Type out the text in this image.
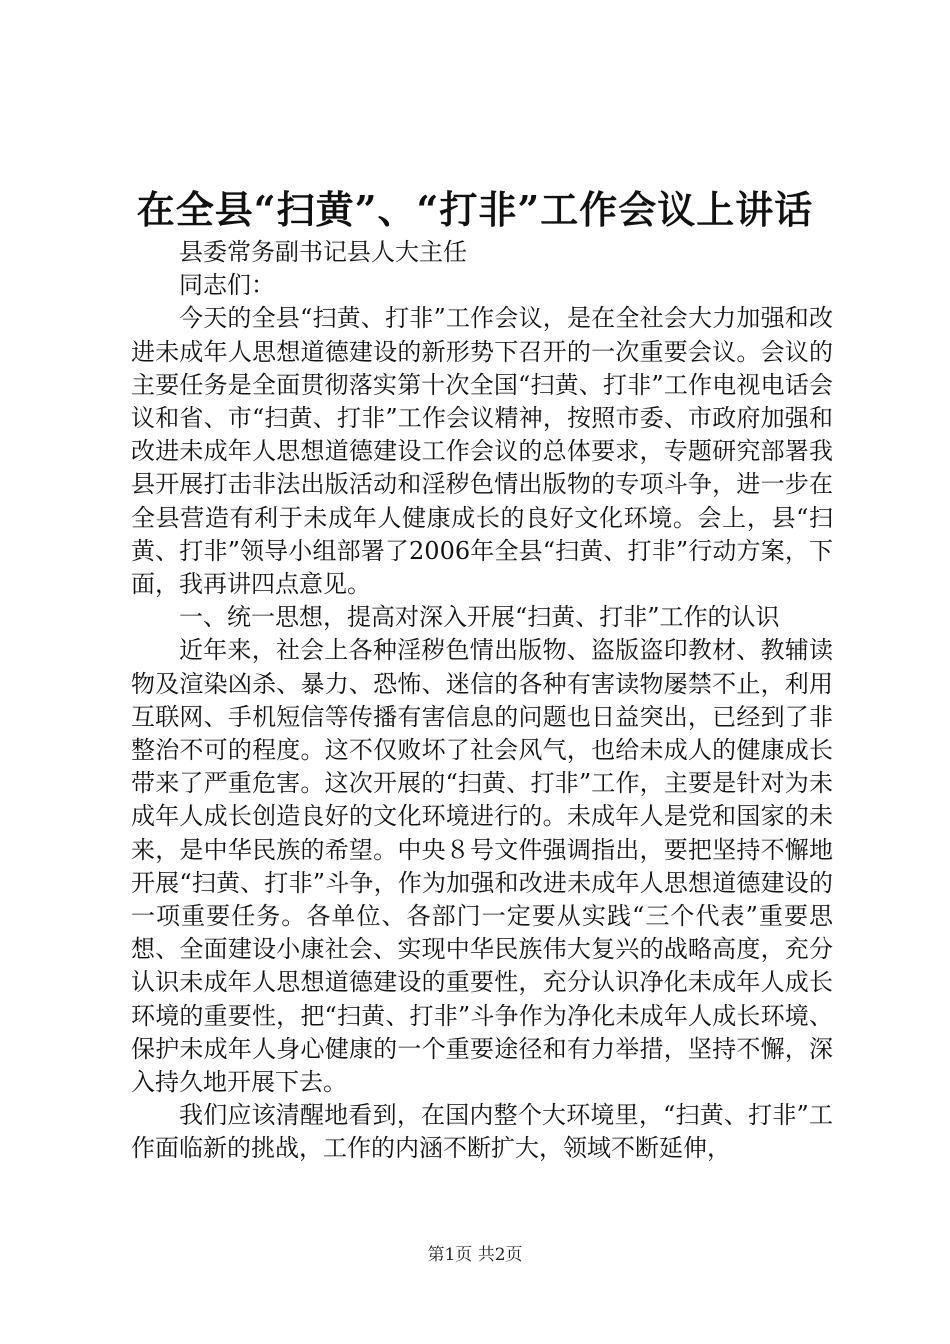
在全县“扫黄”、“打非”工作会议上讲话

县委常务副书记县人大主任

同志们：

今天的全县“扫黄、打非”工作会议，是在全社会大力加强和改进未成年人思想道德建设的新形势下召开的一次重要会议。会议的主要任务是全面贯彻落实第十次全国“扫黄、打非”工作电视电话会议和省、市“扫黄、打非”工作会议精神，按照市委、市政府加强和改进未成年人思想道德建设工作会议的总体要求，专题研究部署我县开展打击非法出版活动和淫秽色情出版物的专项斗争，进一步在全县营造有利于未成年人健康成长的良好文化环境。会上，县“扫黄、打非”领导小组部署了2006年全县“扫黄、打非”行动方案，下面，我再讲四点意见。

一、统一思想，提高对深入开展“扫黄、打非”工作的认识

近年来，社会上各种淫秽色情出版物、盗版盗印教材、教辅读物及渲染凶杀、暴力、恐怖、迷信的各种有害读物屡禁不止，利用互联网、手机短信等传播有害信息的问题也日益突出，已经到了非整治不可的程度。这不仅败坏了社会风气，也给未成人的健康成长带来了严重危害。这次开展的“扫黄、打非”工作，主要是针对为未成年人成长创造良好的文化环境进行的。未成年人是党和国家的未来，是中华民族的希望。中央８号文件强调指出，要把坚持不懈地开展“扫黄、打非”斗争，作为加强和改进未成年人思想道德建设的一项重要任务。各单位、各部门一定要从实践“三个代表”重要思想、全面建设小康社会、实现中华民族伟大复兴的战略高度，充分认识未成年人思想道德建设的重要性，充分认识净化未成年人成长环境的重要性，把“扫黄、打非”斗争作为净化未成年人成长环境、保护未成年人身心健康的一个重要途径和有力举措，坚持不懈，深入持久地开展下去。

我们应该清醒地看到，在国内整个大环境里，“扫黄、打非”工作面临新的挑战，工作的内涵不断扩大，领域不断延伸，

第1页 共2页
